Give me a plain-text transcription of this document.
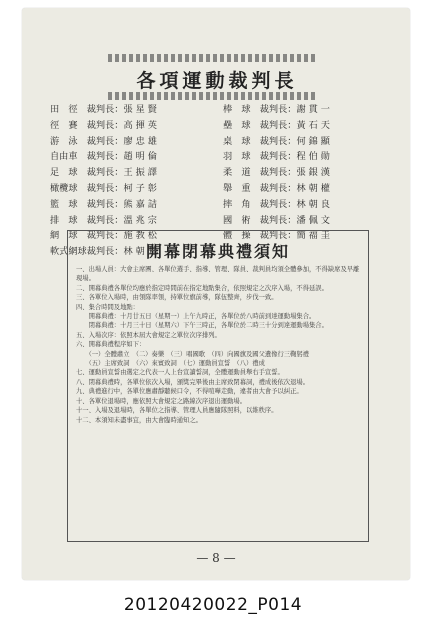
各項運動裁判長
田　徑　裁判長：張 星 賢	棒　球　裁判長：謝 貫 一
徑　賽　裁判長：高 揮 英	壘　球　裁判長：黃 石 天
游　泳　裁判長：廖 忠 雄	桌　球　裁判長：何 錦 顯
自由車　裁判長：趙 明 倫	羽　球　裁判長：程 伯 勛
足　球　裁判長：王 振 譯	柔　道　裁判長：張 銀 漢
橄欖球　裁判長：柯 子 彰	舉　重　裁判長：林 朝 權
籃　球　裁判長：熊 嘉 詰	摔　角　裁判長：林 朝 良
排　球　裁判長：溫 兆 宗	國　術　裁判長：潘 佩 文
網　球　裁判長：施 教 松	體　操　裁判長：簡 福 圭
軟式網球裁判長：林 朝 楚
開幕閉幕典禮須知

一、出場人員：大會主席團、各單位選手、指導、管理、隊員、裁判員均須全體參加，不得缺席及早離現場。

二、開幕典禮各單位均應於指定時間前在指定地點集合，依照規定之次序入場，不得延誤。

三、各單位入場時，由領隊率領，持單位旗前導，隊伍整齊，步伐一致。

四、集合時間及地點：

　　開幕典禮：十月廿五日（星期一）上午九時正，各單位於八時前到達運動場集合。

　　閉幕典禮：十月三十日（星期六）下午三時正，各單位於二時三十分到達運動場集合。

五、入場次序：依照本屆大會規定之單位次序排列。

六、開幕典禮程序如下：

　　（一）全體肅立　（二）奏樂　（三）唱國歌　（四）向國旗及國父遺像行三鞠躬禮

　　（五）主席致詞　（六）來賓致詞　（七）運動員宣誓　（八）禮成

七、運動員宣誓由選定之代表一人上台宣讀誓詞，全體運動員舉右手宣誓。

八、閉幕典禮時，各單位依次入場，頒獎完畢後由主席致閉幕詞，禮成後依次退場。

九、典禮進行中，各單位應肅靜聽候口令，不得喧嘩走動，違者由大會予以糾正。

十、各單位退場時，應依照大會規定之路線次序退出運動場。

十一、入場及退場時，各單位之指導、管理人員應隨隊照料，以維秩序。

十二、本須知未盡事宜，由大會臨時通知之。

— 8 —
20120420022_P014
